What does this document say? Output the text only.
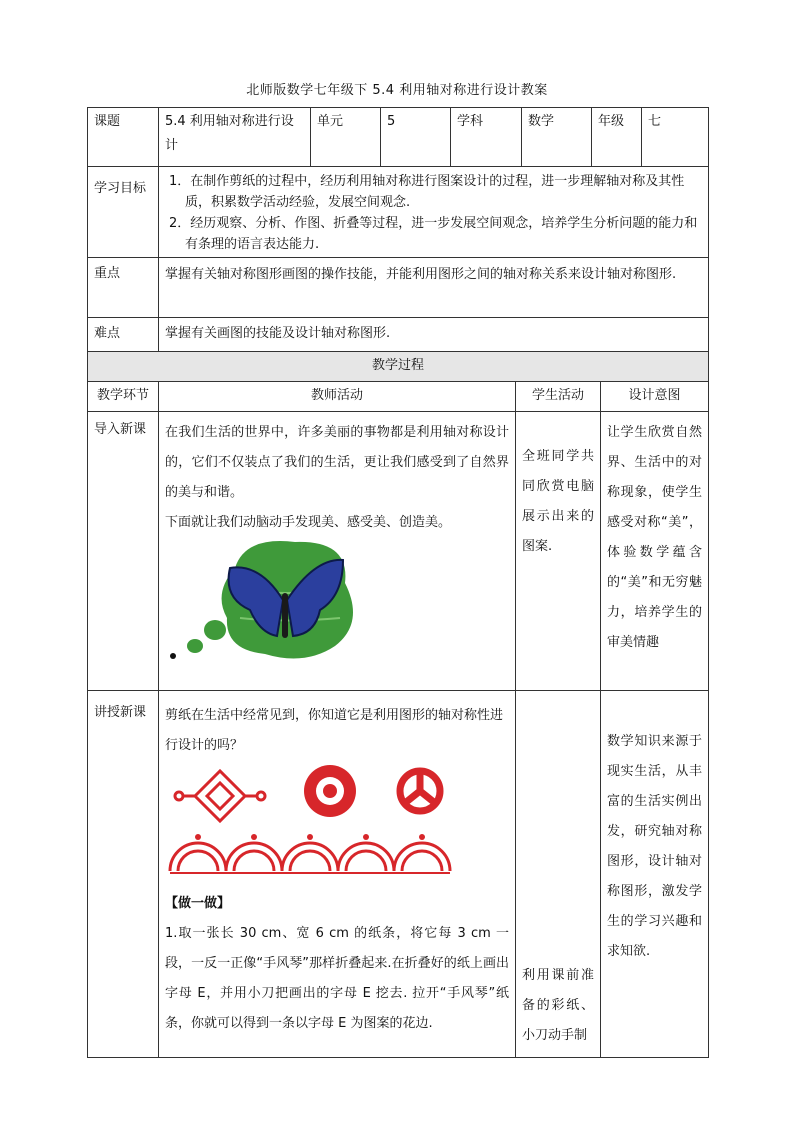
北师版数学七年级下 5.4 利用轴对称进行设计教案
课题	5.4 利用轴对称进行设计	单元	5	学科	数学	年级	七
学习目标	1．在制作剪纸的过程中，经历利用轴对称进行图案设计的过程，进一步理解轴对称及其性质，积累数学活动经验，发展空间观念.

2．经历观察、分析、作图、折叠等过程，进一步发展空间观念，培养学生分析问题的能力和有条理的语言表达能力.						

重点	掌握有关轴对称图形画图的操作技能，并能利用图形之间的轴对称关系来设计轴对称图形.						
难点	掌握有关画图的技能及设计轴对称图形.						
教学过程			
教学环节	教师活动	学生活动	设计意图
导入新课	在我们生活的世界中，许多美丽的事物都是利用轴对称设计的，它们不仅装点了我们的生活，更让我们感受到了自然界的美与和谐。

下面就让我们动脑动手发现美、感受美、创造美。	全班同学共同欣赏电脑展示出来的图案.	让学生欣赏自然界、生活中的对称现象，使学生感受对称“美”，体验数学蕴含的“美”和无穷魅力，培养学生的审美情趣
讲授新课	剪纸在生活中经常见到，你知道它是利用图形的轴对称性进行设计的吗？

【做一做】

1.取一张长 30 cm、宽 6 cm 的纸条，将它每 3 cm 一段，一反一正像“手风琴”那样折叠起来.在折叠好的纸上画出字母 E，并用小刀把画出的字母 E 挖去. 拉开“手风琴”纸条，你就可以得到一条以字母 E 为图案的花边.	利用课前准备的彩纸、小刀动手制	数学知识来源于现实生活，从丰富的生活实例出发，研究轴对称图形，设计轴对称图形，激发学生的学习兴趣和求知欲.
